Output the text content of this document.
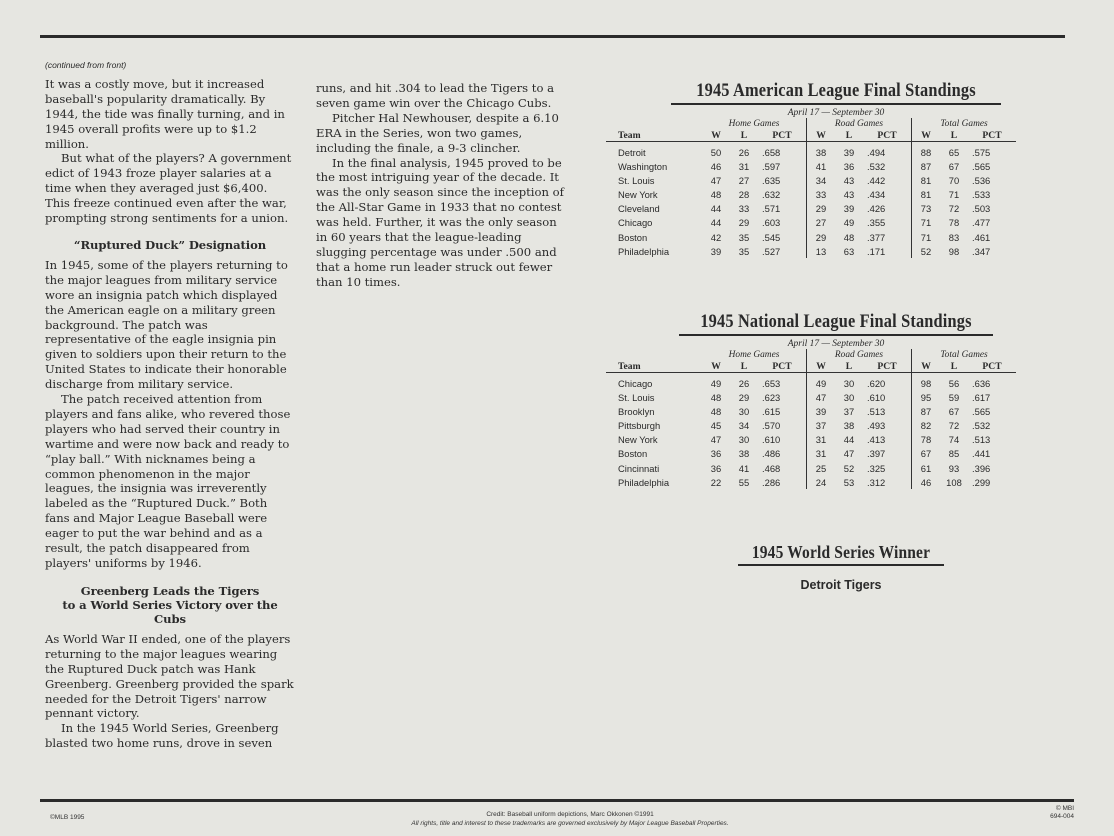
(continued from front)

It was a costly move, but it increased baseball's popularity dramatically. By 1944, the tide was finally turning, and in 1945 overall profits were up to $1.2 million.

But what of the players? A government edict of 1943 froze player salaries at a time when they averaged just $6,400. This freeze continued even after the war, prompting strong sentiments for a union.

“Ruptured Duck” Designation

In 1945, some of the players returning to the major leagues from military service wore an insignia patch which displayed the American eagle on a military green background. The patch was representative of the eagle insignia pin given to soldiers upon their return to the United States to indicate their honorable discharge from military service.

The patch received attention from players and fans alike, who revered those players who had served their country in wartime and were now back and ready to “play ball.” With nicknames being a common phenomenon in the major leagues, the insignia was irreverently labeled as the “Ruptured Duck.” Both fans and Major League Baseball were eager to put the war behind and as a result, the patch disappeared from players' uniforms by 1946.

Greenberg Leads the Tigers
to a World Series Victory over the Cubs

As World War II ended, one of the players returning to the major leagues wearing the Ruptured Duck patch was Hank Greenberg. Greenberg provided the spark needed for the Detroit Tigers' narrow pennant victory.

In the 1945 World Series, Greenberg blasted two home runs, drove in seven

runs, and hit .304 to lead the Tigers to a seven game win over the Chicago Cubs.

Pitcher Hal Newhouser, despite a 6.10 ERA in the Series, won two games, including the finale, a 9-3 clincher.

In the final analysis, 1945 proved to be the most intriguing year of the decade. It was the only season since the inception of the All-Star Game in 1933 that no contest was held. Further, it was the only season in 60 years that the league-leading slugging percentage was under .500 and that a home run leader struck out fewer than 10 times.

1945 American League Final Standings
April 17 — September 30
	Home Games			Road Games			Total Games		
Team	W	L	PCT	W	L	PCT	W	L	PCT
Detroit	50	26	.658	38	39	.494	88	65	.575
Washington	46	31	.597	41	36	.532	87	67	.565
St. Louis	47	27	.635	34	43	.442	81	70	.536
New York	48	28	.632	33	43	.434	81	71	.533
Cleveland	44	33	.571	29	39	.426	73	72	.503
Chicago	44	29	.603	27	49	.355	71	78	.477
Boston	42	35	.545	29	48	.377	71	83	.461
Philadelphia	39	35	.527	13	63	.171	52	98	.347
1945 National League Final Standings
April 17 — September 30
	Home Games			Road Games			Total Games		
Team	W	L	PCT	W	L	PCT	W	L	PCT
Chicago	49	26	.653	49	30	.620	98	56	.636
St. Louis	48	29	.623	47	30	.610	95	59	.617
Brooklyn	48	30	.615	39	37	.513	87	67	.565
Pittsburgh	45	34	.570	37	38	.493	82	72	.532
New York	47	30	.610	31	44	.413	78	74	.513
Boston	36	38	.486	31	47	.397	67	85	.441
Cincinnati	36	41	.468	25	52	.325	61	93	.396
Philadelphia	22	55	.286	24	53	.312	46	108	.299
1945 World Series Winner
Detroit Tigers
©MLB 1995	Credit: Baseball uniform depictions, Marc Okkonen ©1991
All rights, title and interest to these trademarks are governed exclusively by Major League Baseball Properties.
© MBI
694-004
